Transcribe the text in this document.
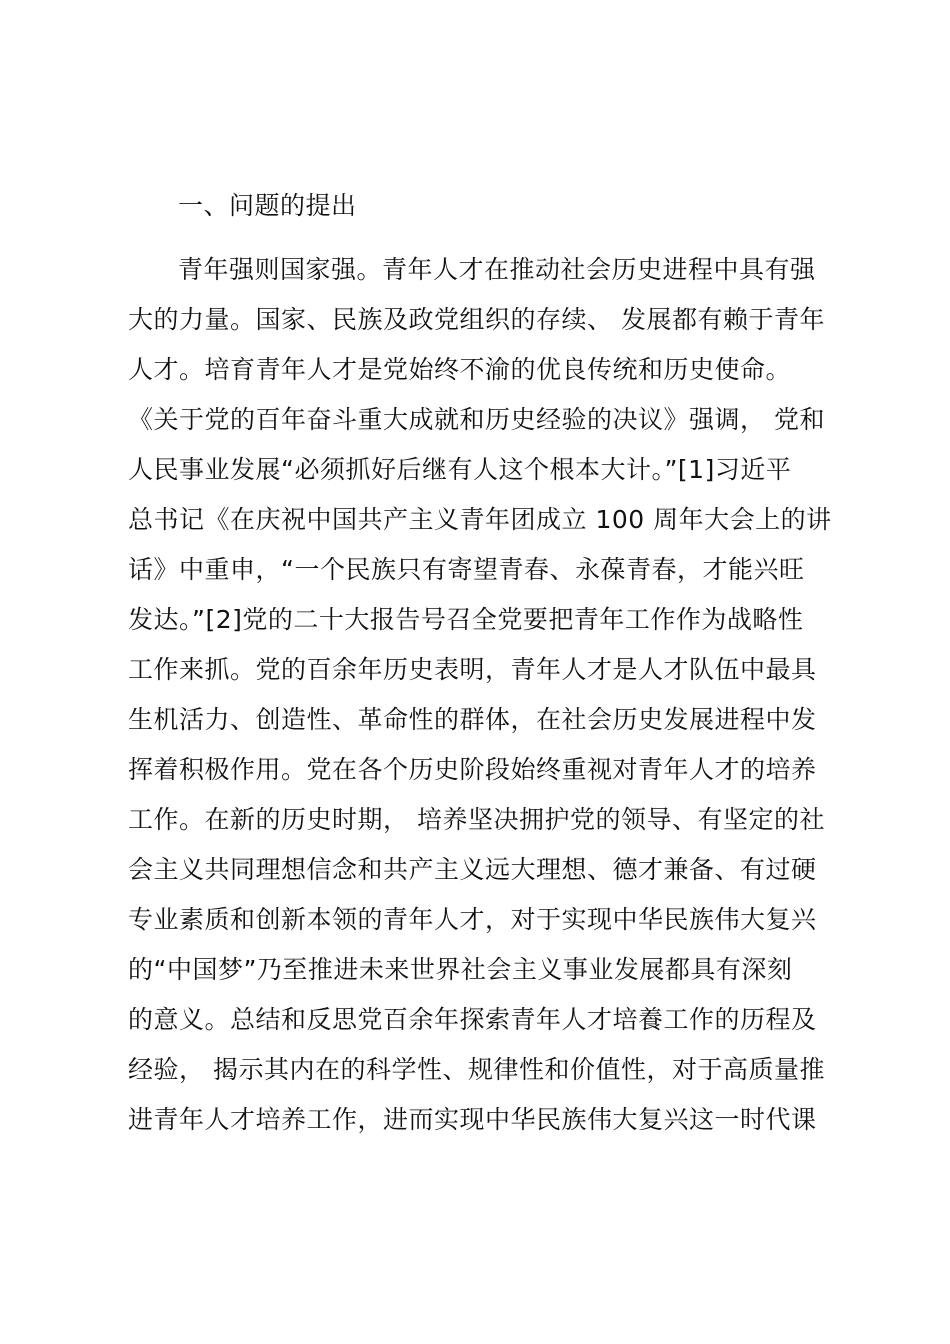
一、问题的提出
青年强则国家强。青年人才在推动社会历史进程中具有强
大的力量。国家、民族及政党组织的存续、 发展都有赖于青年
人才。培育青年人才是党始终不渝的优良传统和历史使命。
《关于党的百年奋斗重大成就和历史经验的决议》强调， 党和
人民事业发展“必须抓好后继有人这个根本大计。”[1]习近平
总书记《在庆祝中国共产主义青年团成立 100 周年大会上的讲
话》中重申，“一个民族只有寄望青春、永葆青春，才能兴旺
发达。”[2]党的二十大报告号召全党要把青年工作作为战略性
工作来抓。党的百余年历史表明，青年人才是人才队伍中最具
生机活力、创造性、革命性的群体，在社会历史发展进程中发
挥着积极作用。党在各个历史阶段始终重视对青年人才的培养
工作。在新的历史时期， 培养坚决拥护党的领导、有坚定的社
会主义共同理想信念和共产主义远大理想、德才兼备、有过硬
专业素质和创新本领的青年人才，对于实现中华民族伟大复兴
的“中国梦”乃至推进未来世界社会主义事业发展都具有深刻
的意义。总结和反思党百余年探索青年人才培養工作的历程及
经验， 揭示其内在的科学性、规律性和价值性，对于高质量推
进青年人才培养工作，进而实现中华民族伟大复兴这一时代课
